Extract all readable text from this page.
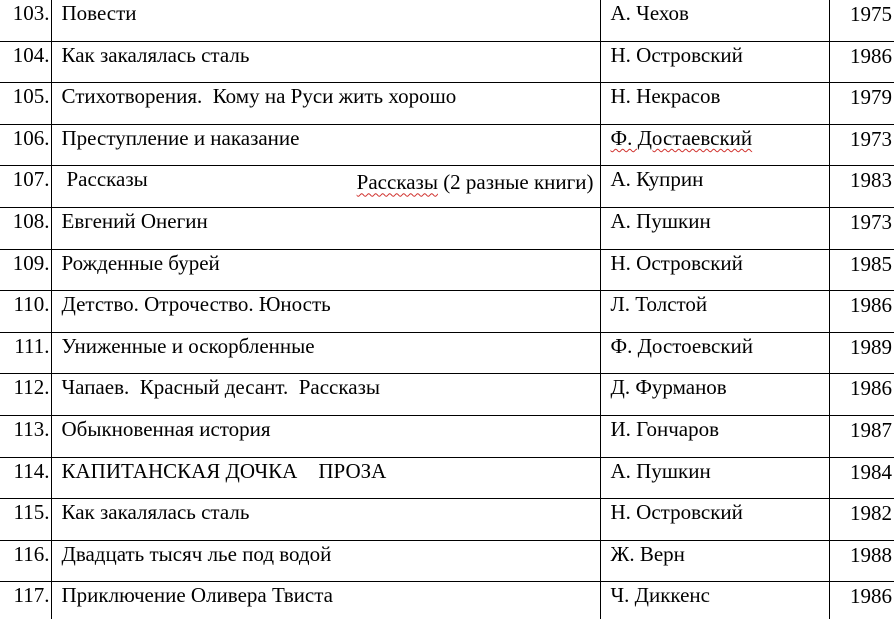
103.	Повести	А. Чехов	1975
104.	Как закалялась сталь	Н. Островский	1986
105.	Стихотворения.  Кому на Руси жить хорошо	Н. Некрасов	1979
106.	Преступление и наказание	Ф. Достаевский	1973
107.	Рассказы Рассказы (2 разные книги)	А. Куприн	1983
108.	Евгений Онегин	А. Пушкин	1973
109.	Рожденные бурей	Н. Островский	1985
110.	Детство. Отрочество. Юность	Л. Толстой	1986
111.	Униженные и оскорбленные	Ф. Достоевский	1989
112.	Чапаев.  Красный десант.  Рассказы	Д. Фурманов	1986
113.	Обыкновенная история	И. Гончаров	1987
114.	КАПИТАНСКАЯ ДОЧКА    ПРОЗА	А. Пушкин	1984
115.	Как закалялась сталь	Н. Островский	1982
116.	Двадцать тысяч лье под водой	Ж. Верн	1988
117.	Приключение Оливера Твиста	Ч. Диккенс	1986
